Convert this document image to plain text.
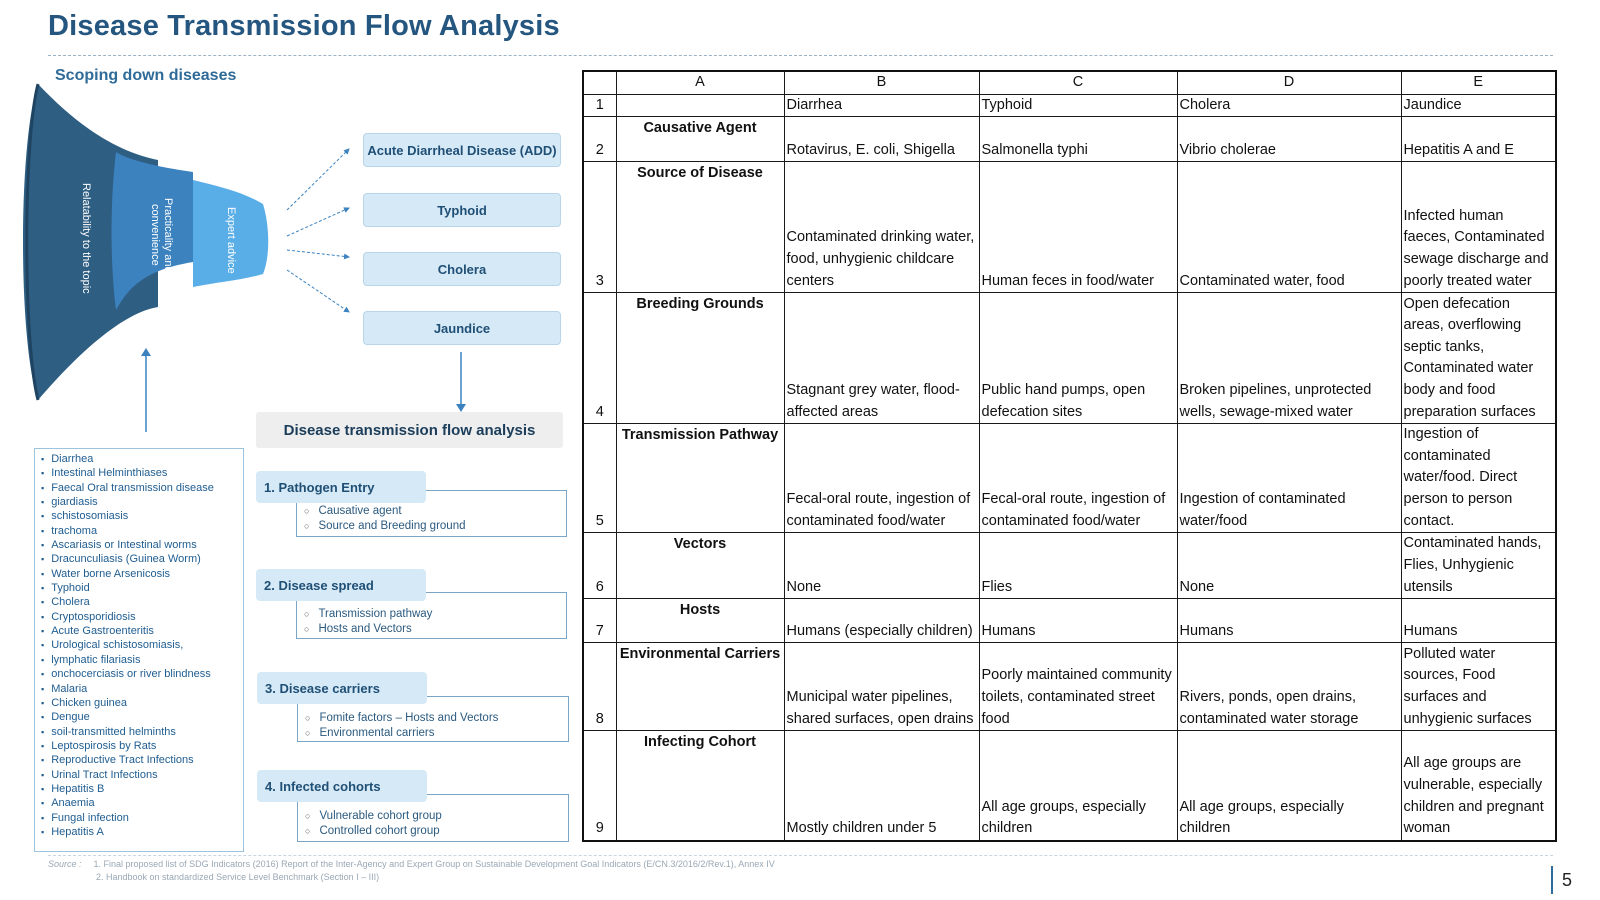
Disease Transmission Flow Analysis
Scoping down diseases
Relatability to the topic	Practicality and
convenience	Expert advice
Acute Diarrheal Disease (ADD)
Typhoid
Cholera
Jaundice
Disease transmission flow analysis
▪ Diarrhea
▪ Intestinal Helminthiases
▪ Faecal Oral transmission disease
▪ giardiasis
▪ schistosomiasis
▪ trachoma
▪ Ascariasis or Intestinal worms
▪ Dracunculiasis (Guinea Worm)
▪ Water borne Arsenicosis
▪ Typhoid
▪ Cholera
▪ Cryptosporidiosis
▪ Acute Gastroenteritis
▪ Urological schistosomiasis,
▪ lymphatic filariasis
▪ onchocerciasis or river blindness
▪ Malaria
▪ Chicken guinea
▪ Dengue
▪ soil-transmitted helminths
▪ Leptospirosis by Rats
▪ Reproductive Tract Infections
▪ Urinal Tract Infections
▪ Hepatitis B
▪ Anaemia
▪ Fungal infection
▪ Hepatitis A
1. Pathogen Entry
○ Causative agent
○ Source and Breeding ground
2. Disease spread
○ Transmission pathway
○ Hosts and Vectors
3. Disease carriers
○ Fomite factors – Hosts and Vectors
○ Environmental carriers
4. Infected cohorts
○ Vulnerable cohort group
○ Controlled cohort group
	A	B	C	D	E
1		Diarrhea	Typhoid	Cholera	Jaundice
2	Causative Agent	Rotavirus, E. coli, Shigella	Salmonella typhi	Vibrio cholerae	Hepatitis A and E
3	Source of Disease	Contaminated drinking water, food, unhygienic childcare centers	Human feces in food/water	Contaminated water, food	Infected human faeces, Contaminated sewage discharge and poorly treated water
4	Breeding Grounds	Stagnant grey water, flood-affected areas	Public hand pumps, open defecation sites	Broken pipelines, unprotected wells, sewage-mixed water	Open defecation areas, overflowing septic tanks, Contaminated water body and food preparation surfaces
5	Transmission Pathway	Fecal-oral route, ingestion of contaminated food/water	Fecal-oral route, ingestion of contaminated food/water	Ingestion of contaminated water/food	Ingestion of contaminated water/food. Direct person to person contact.
6	Vectors	None	Flies	None	Contaminated hands, Flies, Unhygienic utensils
7	Hosts	Humans (especially children)	Humans	Humans	Humans
8	Environmental Carriers	Municipal water pipelines, shared surfaces, open drains	Poorly maintained community toilets, contaminated street food	Rivers, ponds, open drains, contaminated water storage	Polluted water sources, Food surfaces and unhygienic surfaces
9	Infecting Cohort	Mostly children under 5	All age groups, especially children	All age groups, especially children	All age groups are vulnerable, especially children and pregnant woman
Source : 1. Final proposed list of SDG Indicators (2016) Report of the Inter-Agency and Expert Group on Sustainable Development Goal Indicators (E/CN.3/2016/2/Rev.1), Annex IV
2. Handbook on standardized Service Level Benchmark (Section I – III)	5
